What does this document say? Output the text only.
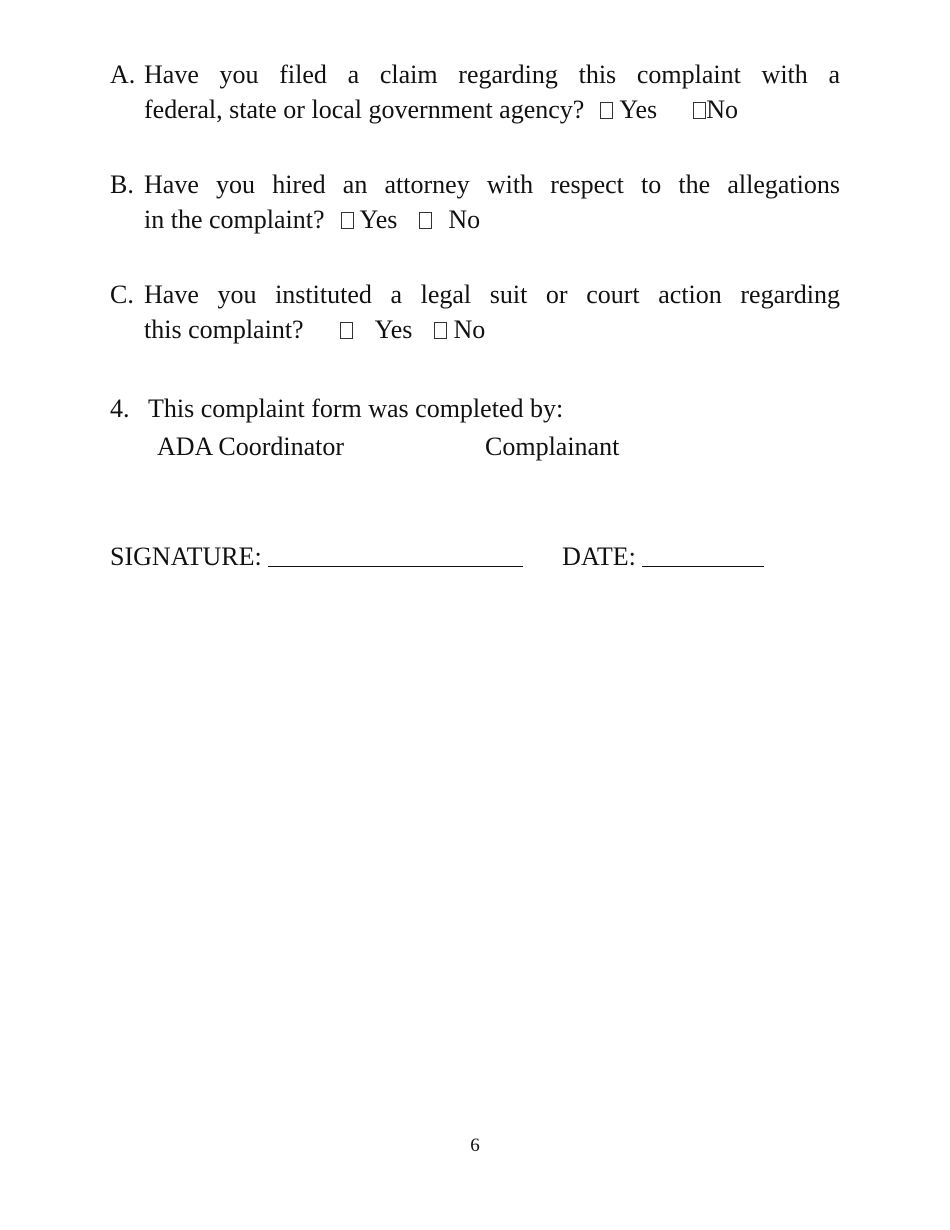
A. Have you filed a claim regarding this complaint with a
federal, state or local government agency? Yes No
B. Have you hired an attorney with respect to the allegations
in the complaint? Yes No
C. Have you instituted a legal suit or court action regarding
this complaint?	Yes No
4. This complaint form was completed by:
ADA Coordinator	Complainant
SIGNATURE:	DATE:
6
